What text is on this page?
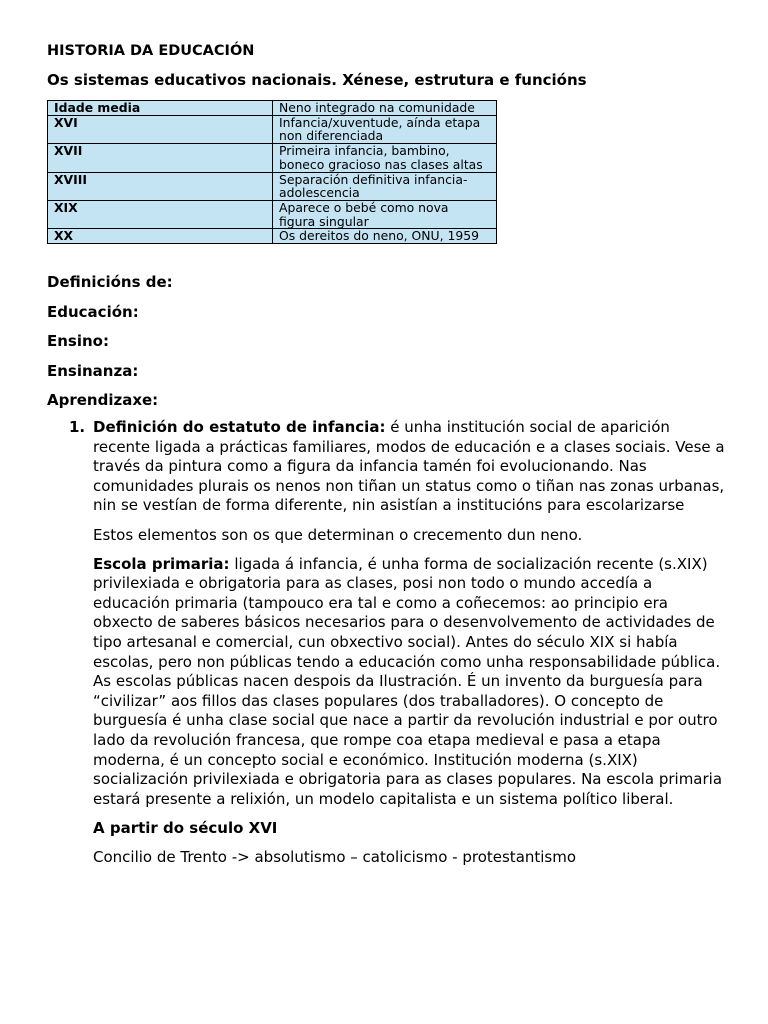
HISTORIA DA EDUCACIÓN

Os sistemas educativos nacionais. Xénese, estrutura e funcións

Idade media	Neno integrado na comunidade
XVI	Infancia/xuventude, aínda etapa non diferenciada
XVII	Primeira infancia, bambino, boneco gracioso nas clases altas
XVIII	Separación definitiva infancia-adolescencia
XIX	Aparece o bebé como nova figura singular
XX	Os dereitos do neno, ONU, 1959

Definicións de:

Educación:

Ensino:

Ensinanza:

Aprendizaxe:

1. Definición do estatuto de infancia: é unha institución social de aparición recente ligada a prácticas familiares, modos de educación e a clases sociais. Vese a través da pintura como a figura da infancia tamén foi evolucionando. Nas comunidades plurais os nenos non tiñan un status como o tiñan nas zonas urbanas, nin se vestían de forma diferente, nin asistían a institucións para escolarizarse

Estos elementos son os que determinan o crecemento dun neno.

Escola primaria: ligada á infancia, é unha forma de socialización recente (s.XIX) privilexiada e obrigatoria para as clases, posi non todo o mundo accedía a educación primaria (tampouco era tal e como a coñecemos: ao principio era obxecto de saberes básicos necesarios para o desenvolvemento de actividades de tipo artesanal e comercial, cun obxectivo social). Antes do século XIX si había escolas, pero non públicas tendo a educación como unha responsabilidade pública. As escolas públicas nacen despois da Ilustración. É un invento da burguesía para “civilizar” aos fillos das clases populares (dos traballadores). O concepto de burguesía é unha clase social que nace a partir da revolución industrial e por outro lado da revolución francesa, que rompe coa etapa medieval e pasa a etapa moderna, é un concepto social e económico. Institución moderna (s.XIX) socialización privilexiada e obrigatoria para as clases populares. Na escola primaria estará presente a relixión, un modelo capitalista e un sistema político liberal.

A partir do século XVI

Concilio de Trento -> absolutismo – catolicismo - protestantismo
